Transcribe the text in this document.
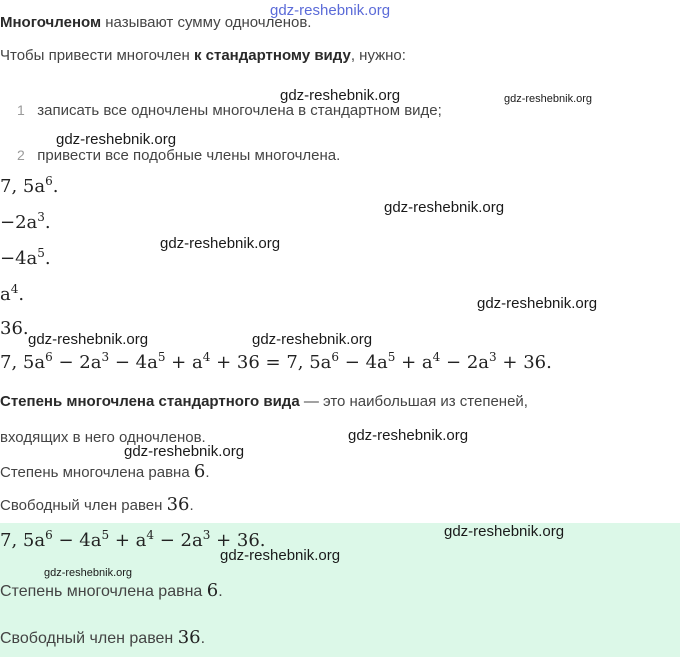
Многочленом называют сумму одночленов.
Чтобы привести многочлен к стандартному виду, нужно:
1 записать все одночлены многочлена в стандартном виде;
2 привести все подобные члены многочлена.
7, $5a^6$.
$-2a^3$.
$-4a^5$.
$a^4$.
36.
7, $5a^6 - 2a^3 - 4a^5 + a^4 + 36 = 7$, $5a^6 - 4a^5 + a^4 - 2a^3 + 36$.
Степень многочлена стандартного вида — это наибольшая из степеней,
входящих в него одночленов.
Степень многочлена равна 6.
Свободный член равен 36.
7, $5a^6 - 4a^5 + a^4 - 2a^3 + 36$.
Степень многочлена равна 6.
Свободный член равен 36.
gdz-reshebnik.org
gdz-reshebnik.org	gdz-reshebnik.org
gdz-reshebnik.org
gdz-reshebnik.org
gdz-reshebnik.org
gdz-reshebnik.org
gdz-reshebnik.org	gdz-reshebnik.org
gdz-reshebnik.org
gdz-reshebnik.org
gdz-reshebnik.org
gdz-reshebnik.org
gdz-reshebnik.org
